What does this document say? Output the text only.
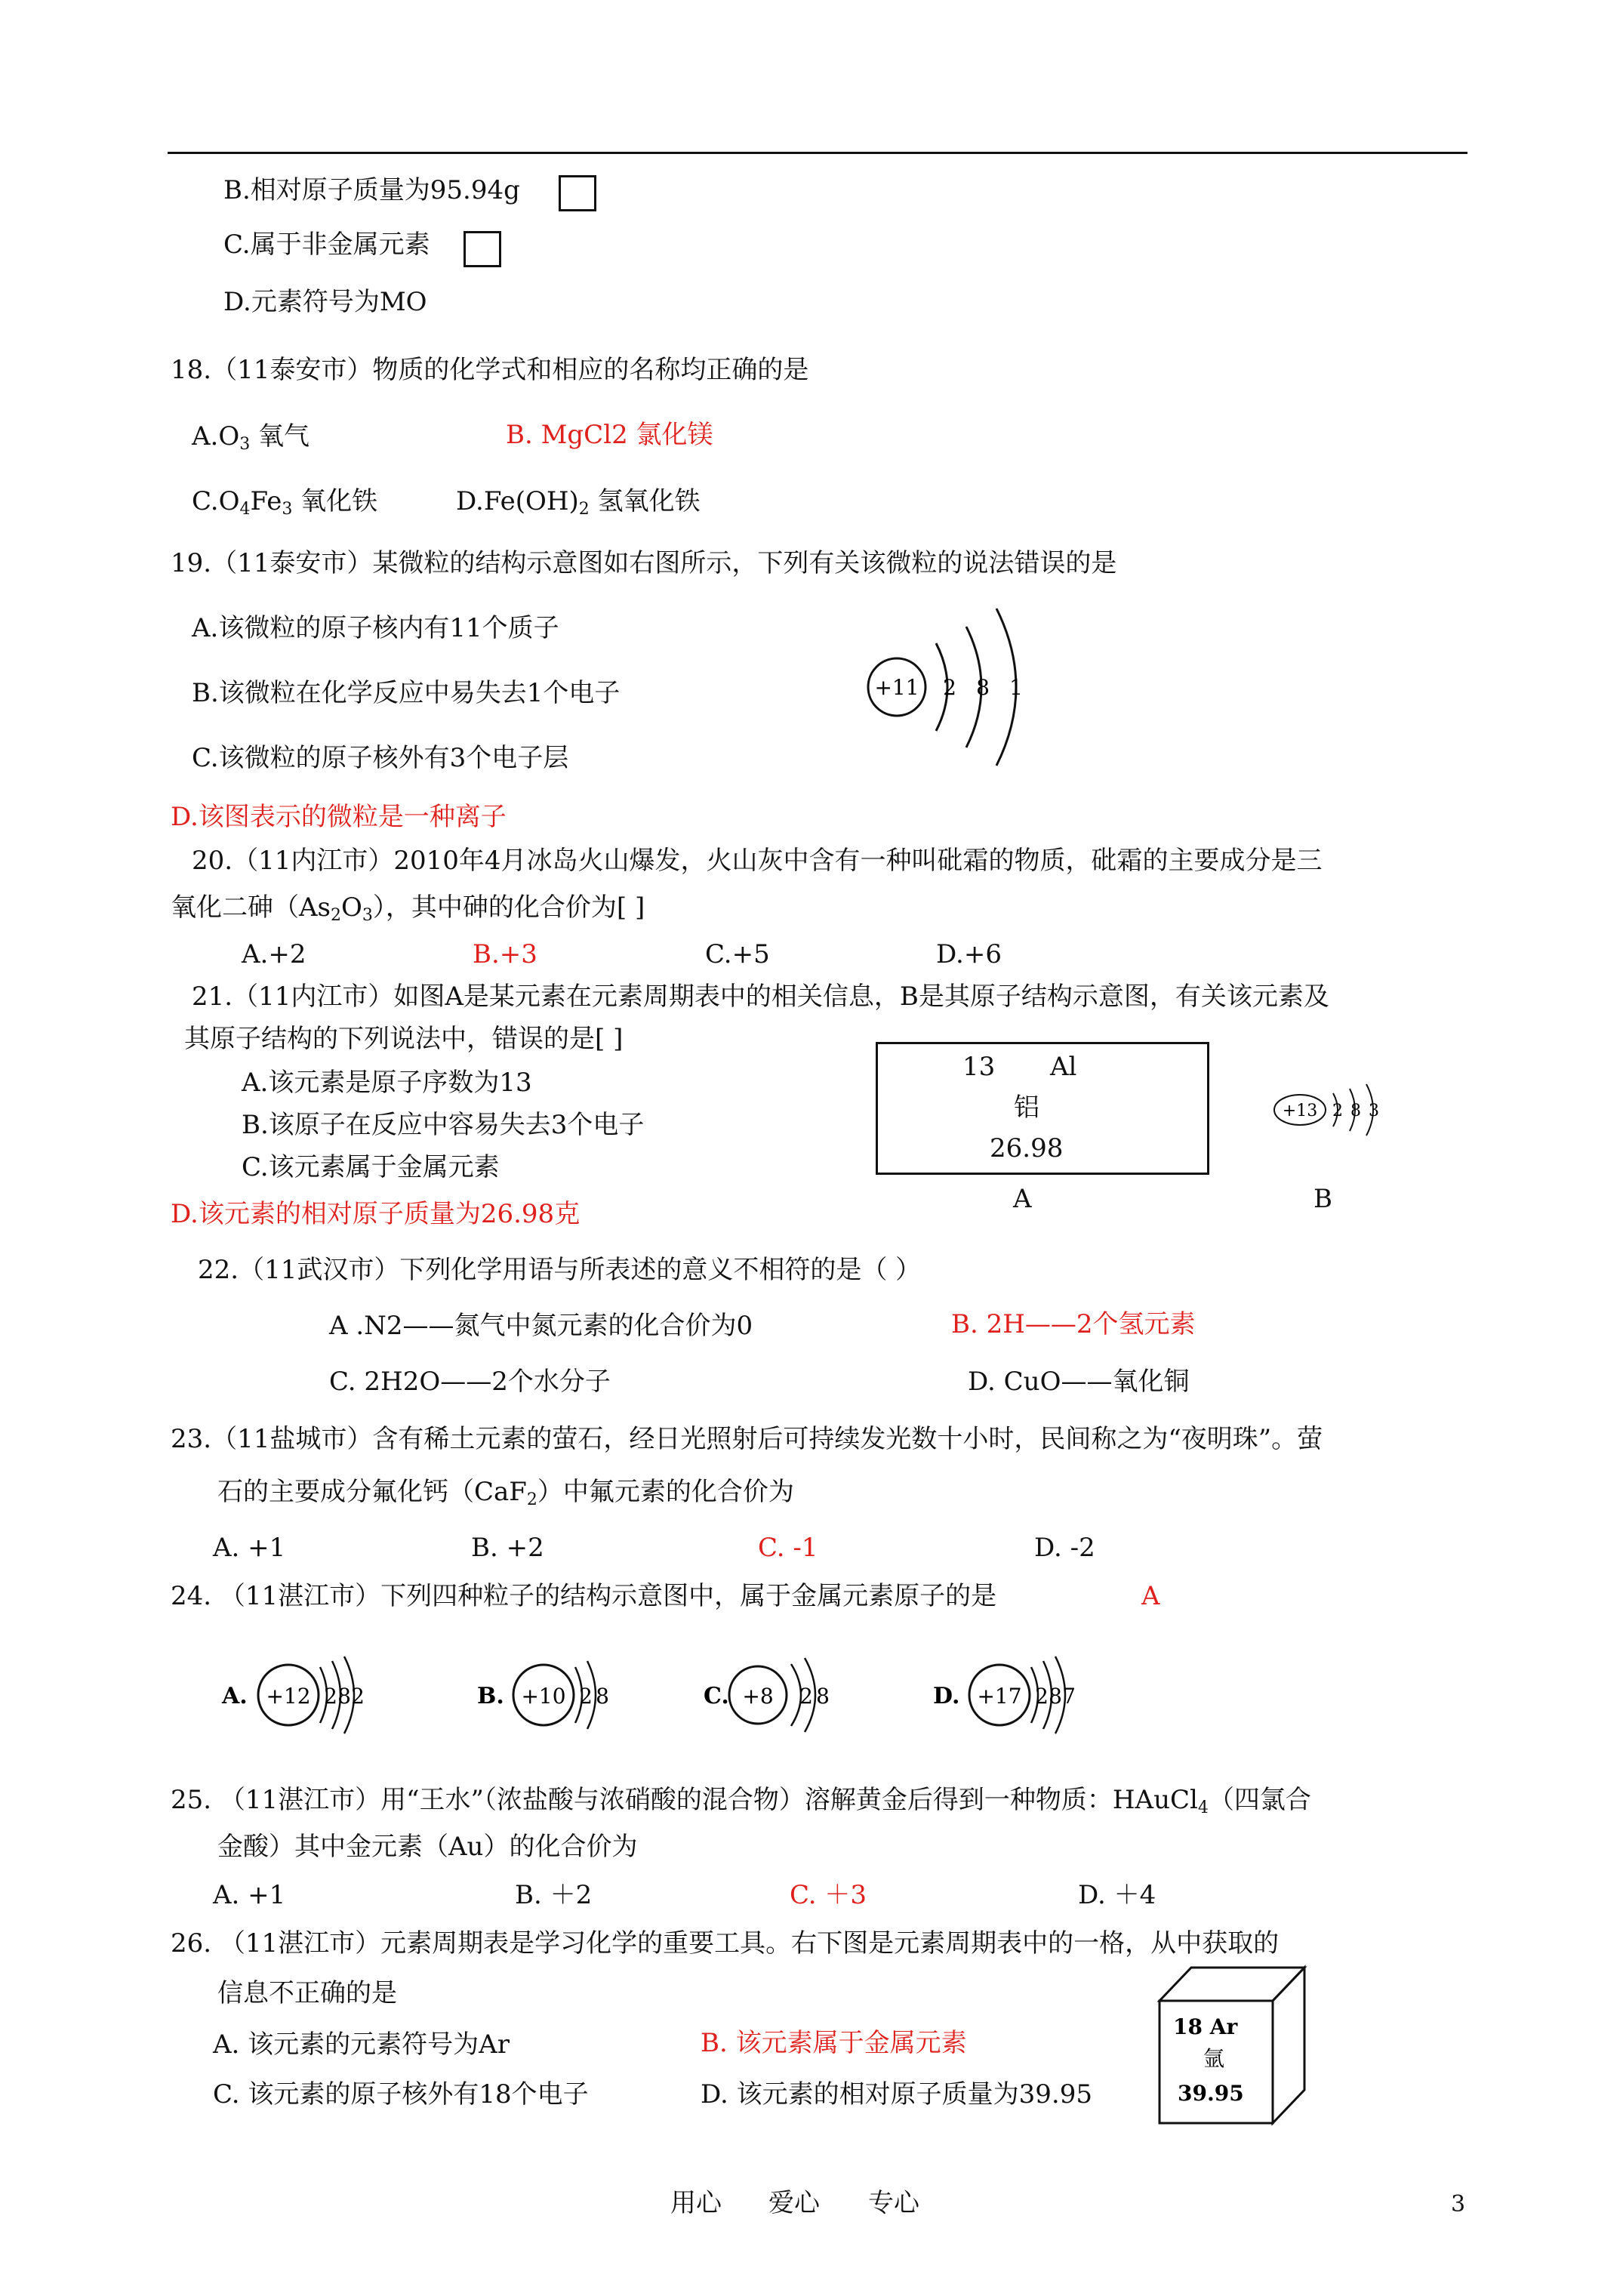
B.相对原子质量为95.94g
C.属于非金属元素
D.元素符号为MO
18.（11泰安市）物质的化学式和相应的名称均正确的是
$A.O_3$ 氧气	B. MgCl2 氯化镁
$C.O_4Fe_3$ 氧化铁	$D.Fe(OH)_2$ 氢氧化铁
19.（11泰安市）某微粒的结构示意图如右图所示，下列有关该微粒的说法错误的是
A.该微粒的原子核内有11个质子
B.该微粒在化学反应中易失去1个电子
C.该微粒的原子核外有3个电子层
D.该图表示的微粒是一种离子
+11 2 8 1
20.（11内江市）2010年4月冰岛火山爆发，火山灰中含有一种叫砒霜的物质，砒霜的主要成分是三
氧化二砷$(As_2O_3)$，其中砷的化合价为[ ]
A.+2	B.+3	C.+5	D.+6
21.（11内江市）如图A是某元素在元素周期表中的相关信息，B是其原子结构示意图，有关该元素及
其原子结构的下列说法中，错误的是[ ]
A.该元素是原子序数为13
B.该原子在反应中容易失去3个电子
C.该元素属于金属元素
D.该元素的相对原子质量为26.98克
13 Al
铝
26.98
A	B
+13 2 8 3
22.（11武汉市）下列化学用语与所表述的意义不相符的是（ ）
A .N2——氮气中氮元素的化合价为0	B. 2H——2个氢元素
C. 2H2O——2个水分子	D. CuO——氧化铜
23.（11盐城市）含有稀土元素的萤石，经日光照射后可持续发光数十小时，民间称之为“夜明珠”。萤
石的主要成分氟化钙（CaF$_2$）中氟元素的化合价为
A. +1	B. +2	C. -1	D. -2
24. （11湛江市）下列四种粒子的结构示意图中，属于金属元素原子的是	A
A. +12 2 8 2	B. +10 2 8	C. +8 2 8	D. +17 2 8 7
25. （11湛江市）用“王水”（浓盐酸与浓硝酸的混合物）溶解黄金后得到一种物质：HAuCl$_4$（四氯合
金酸）其中金元素（Au）的化合价为
A. +1	B. ＋2	C. ＋3	D. ＋4
26. （11湛江市）元素周期表是学习化学的重要工具。右下图是元素周期表中的一格，从中获取的
信息不正确的是
A. 该元素的元素符号为Ar	B. 该元素属于金属元素
C. 该元素的原子核外有18个电子	D. 该元素的相对原子质量为39.95
18 Ar
氩
39.95
用心 爱心 专心	3
